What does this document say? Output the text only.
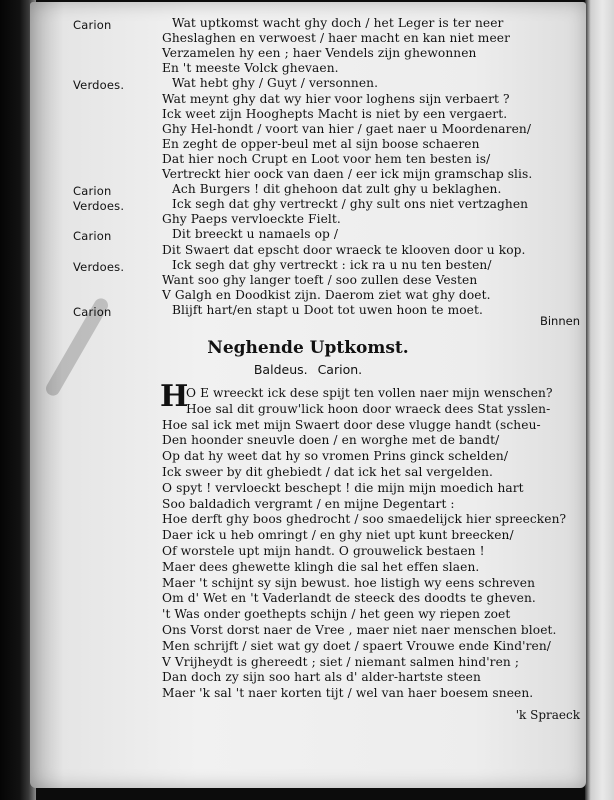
Carion	Wat uptkomst wacht ghy doch / het Leger is ter neer
Gheslaghen en verwoest / haer macht en kan niet meer
Verzamelen hy een ; haer Vendels zijn ghewonnen
En 't meeste Volck ghevaen.
Verdoes.	Wat hebt ghy / Guyt / versonnen.
Wat meynt ghy dat wy hier voor loghens sijn verbaert ?
Ick weet zijn Hooghepts Macht is niet by een vergaert.
Ghy Hel-hondt / voort van hier / gaet naer u Moordenaren/
En zeght de opper-beul met al sijn boose schaeren
Dat hier noch Crupt en Loot voor hem ten besten is/
Vertreckt hier oock van daen / eer ick mijn gramschap slis.
Carion	Ach Burgers ! dit ghehoon dat zult ghy u beklaghen.
Verdoes.	Ick segh dat ghy vertreckt / ghy sult ons niet vertzaghen
Ghy Paeps vervloeckte Fielt.
Carion	Dit breeckt u namaels op /
Dit Swaert dat epscht door wraeck te klooven door u kop.
Verdoes.	Ick segh dat ghy vertreckt : ick ra u nu ten besten/
Want soo ghy langer toeft / soo zullen dese Vesten
V Galgh en Doodkist zijn. Daerom ziet wat ghy doet.
Carion	Blijft hart/en stapt u Doot tot uwen hoon te moet.
Binnen
Neghende Uptkomst.
Baldeus. Carion.
H
O E wreeckt ick dese spijt ten vollen naer mijn wenschen?
Hoe sal dit grouw'lick hoon door wraeck dees Stat ysslen-
Hoe sal ick met mijn Swaert door dese vlugge handt (scheu-
Den hoonder sneuvle doen / en worghe met de bandt/
Op dat hy weet dat hy so vromen Prins ginck schelden/
Ick sweer by dit ghebiedt / dat ick het sal vergelden.
O spyt ! vervloeckt beschept ! die mijn mijn moedich hart
Soo baldadich vergramt / en mijne Degentart :
Hoe derft ghy boos ghedrocht / soo smaedelijck hier spreecken?
Daer ick u heb omringt / en ghy niet upt kunt breecken/
Of worstele upt mijn handt. O grouwelick bestaen !
Maer dees ghewette klingh die sal het effen slaen.
Maer 't schijnt sy sijn bewust. hoe listigh wy eens schreven
Om d' Wet en 't Vaderlandt de steeck des doodts te gheven.
't Was onder goethepts schijn / het geen wy riepen zoet
Ons Vorst dorst naer de Vree , maer niet naer menschen bloet.
Men schrijft / siet wat gy doet / spaert Vrouwe ende Kind'ren/
V Vrijheydt is ghereedt ; siet / niemant salmen hind'ren ;
Dan doch zy sijn soo hart als d' alder-hartste steen
Maer 'k sal 't naer korten tijt / wel van haer boesem sneen.
'k Spraeck
